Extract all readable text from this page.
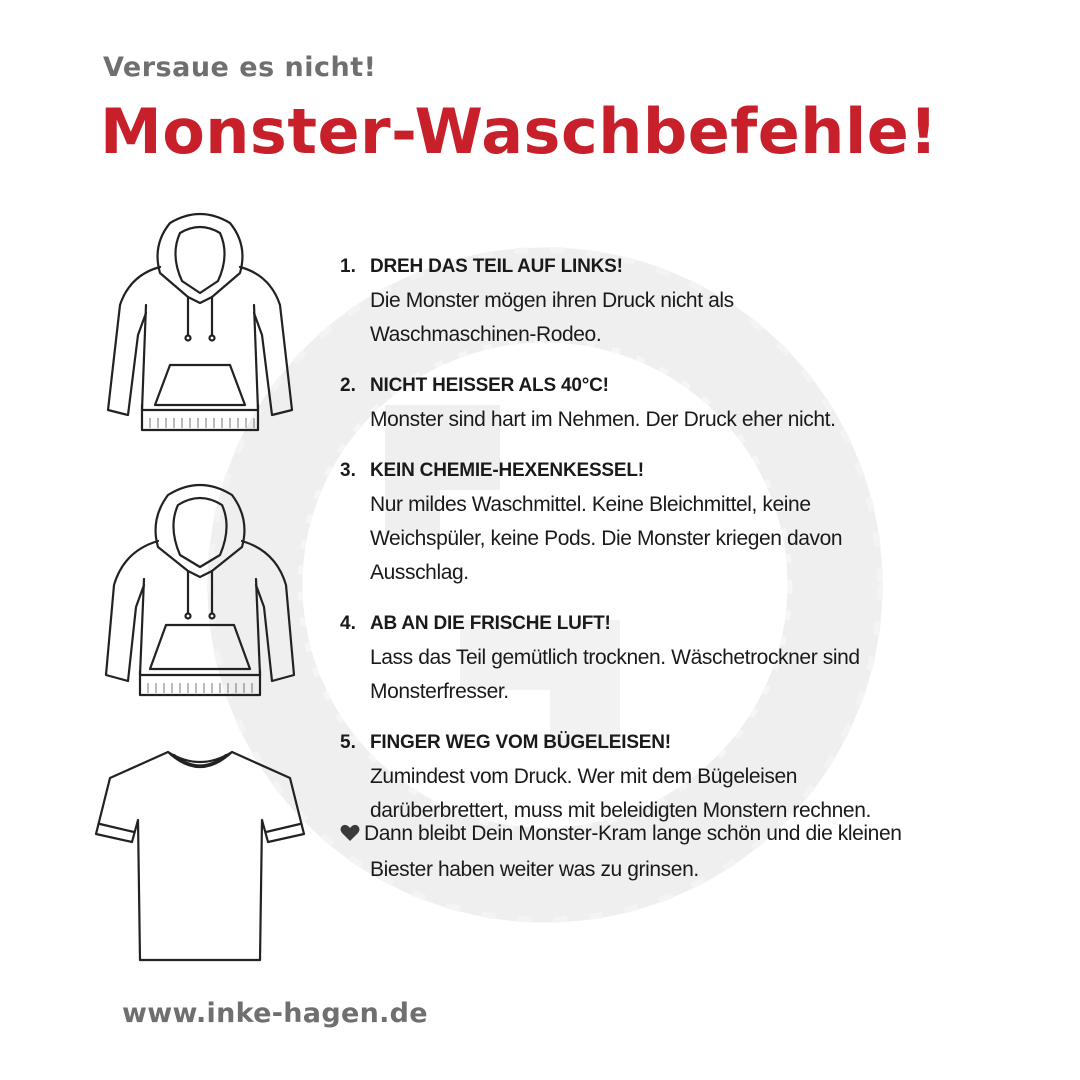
Versaue es nicht!
Monster-Waschbefehle!
1. DREH DAS TEIL AUF LINKS!
Die Monster mögen ihren Druck nicht als
Waschmaschinen-Rodeo.
2. NICHT HEISSER ALS 40°C!
Monster sind hart im Nehmen. Der Druck eher nicht.
3. KEIN CHEMIE-HEXENKESSEL!
Nur mildes Waschmittel. Keine Bleichmittel, keine
Weichspüler, keine Pods. Die Monster kriegen davon
Ausschlag.
4. AB AN DIE FRISCHE LUFT!
Lass das Teil gemütlich trocknen. Wäschetrockner sind
Monsterfresser.
5. FINGER WEG VOM BÜGELEISEN!
Zumindest vom Druck. Wer mit dem Bügeleisen
darüberbrettert, muss mit beleidigten Monstern rechnen.
Dann bleibt Dein Monster-Kram lange schön und die kleinen
Biester haben weiter was zu grinsen.
www.inke-hagen.de
